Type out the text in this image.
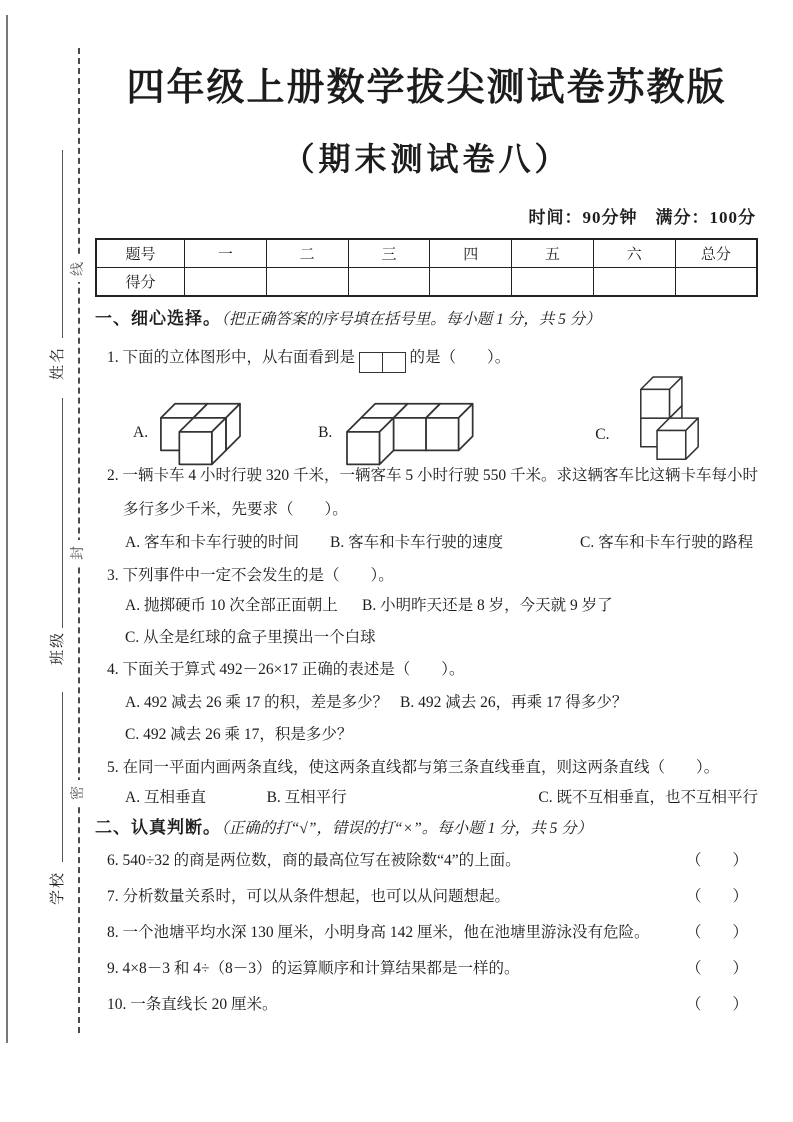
线
封
密
姓名
班级
学校
四年级上册数学拔尖测试卷苏教版
（期末测试卷八）
时间：90分钟　满分：100分
题号	一	二	三	四	五	六	总分
得分							
一、细心选择。（把正确答案的序号填在括号里。每小题 1 分，共 5 分）
1. 下面的立体图形中，从右面看到是	的是（　　）。
A.	B.	C.
2. 一辆卡车 4 小时行驶 320 千米，一辆客车 5 小时行驶 550 千米。求这辆客车比这辆卡车每小时
多行多少千米，先要求（　　）。
A. 客车和卡车行驶的时间	B. 客车和卡车行驶的速度	C. 客车和卡车行驶的路程
3. 下列事件中一定不会发生的是（　　）。
A. 抛掷硬币 10 次全部正面朝上	B. 小明昨天还是 8 岁，今天就 9 岁了
C. 从全是红球的盒子里摸出一个白球
4. 下面关于算式 492－26×17 正确的表述是（　　）。
A. 492 减去 26 乘 17 的积，差是多少？ B. 492 减去 26，再乘 17 得多少？
C. 492 减去 26 乘 17，积是多少？
5. 在同一平面内画两条直线，使这两条直线都与第三条直线垂直，则这两条直线（　　）。
A. 互相垂直	B. 互相平行	C. 既不互相垂直，也不互相平行
二、认真判断。（正确的打“√”，错误的打“×”。每小题 1 分，共 5 分）
6. 540÷32 的商是两位数，商的最高位写在被除数“4”的上面。	（　　）
7. 分析数量关系时，可以从条件想起，也可以从问题想起。	（　　）
8. 一个池塘平均水深 130 厘米，小明身高 142 厘米，他在池塘里游泳没有危险。 （　　）
9. 4×8－3 和 4÷（8－3）的运算顺序和计算结果都是一样的。	（　　）
10. 一条直线长 20 厘米。	（　　）
